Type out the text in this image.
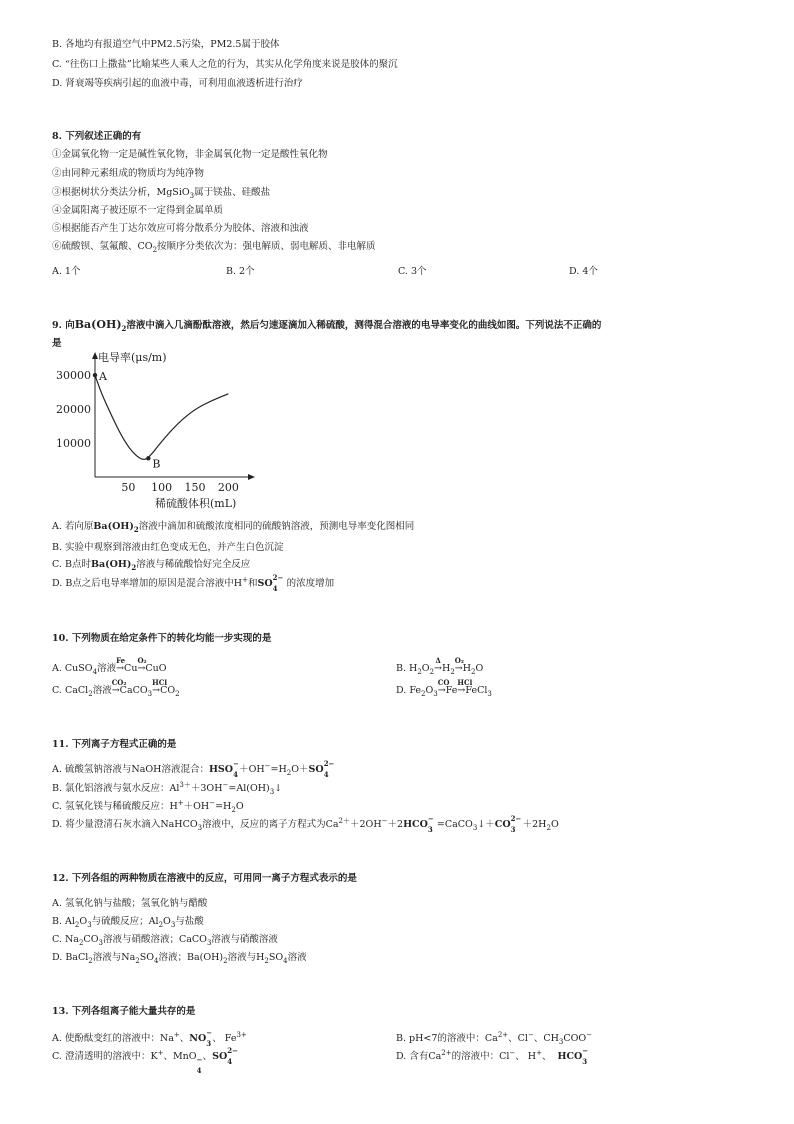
B. 各地均有报道空气中PM2.5污染，PM2.5属于胶体
C. “往伤口上撒盐”比喻某些人乘人之危的行为，其实从化学角度来说是胶体的聚沉
D. 肾衰竭等疾病引起的血液中毒，可利用血液透析进行治疗
8. 下列叙述正确的有
①金属氧化物一定是碱性氧化物，非金属氧化物一定是酸性氧化物
②由同种元素组成的物质均为纯净物
③根据树状分类法分析，MgSiO$_3$属于镁盐、硅酸盐
④金属阳离子被还原不一定得到金属单质
⑤根据能否产生丁达尔效应可将分散系分为胶体、溶液和浊液
⑥硫酸钡、氢氟酸、$CO_2$按顺序分类依次为：强电解质、弱电解质、非电解质
A. 1个	B. 2个	C. 3个	D. 4个
9. 向$Ba(OH)_2$溶液中滴入几滴酚酞溶液，然后匀速逐滴加入稀硫酸，测得混合溶液的电导率变化的曲线如图。下列说法不正确的
是
电导率(μs/m)
稀硫酸体积(mL)
50 100 150 200
10000
20000
30000 A
B
A. 若向原$Ba(OH)_2$溶液中滴加和硫酸浓度相同的硫酸钠溶液，预测电导率变化图相同
B. 实验中观察到溶液由红色变成无色，并产生白色沉淀
C. B点时$Ba(OH)_2$溶液与稀硫酸恰好完全反应
D. B点之后电导率增加的原因是混合溶液中H+和SO
2−
4 的浓度增加
10. 下列物质在给定条件下的转化均能一步实现的是
A. CuSO$_4$溶液
Fe
→Cu
O₂
→CuO	B. $H_2O_2$
Δ
$\to H_2$
O₂
$\to H_2O$
C. CaCl$_2$溶液
CO₂
→CaCO$_3$
HCl
$\to CO_2$	D. $Fe_2O_3$
CO
→Fe
HCl
→FeCl$_3$
11. 下列离子方程式正确的是
A. 硫酸氢钠溶液与NaOH溶液混合：HSO
−
$4 +OH^-=H_2O+SO$
2−
4
B. 氯化铝溶液与氨水反应：$Al^{3+}+3OH^-=Al(OH)_3↓$
C. 氢氧化镁与稀硫酸反应：$H^++OH^-=H_2O$
D. 将少量澄清石灰水滴入NaHCO$_3$溶液中，反应的离子方程式为$Ca^{2+}+2OH^-+2HCO$
−
3 =CaCO$_3$↓＋CO
2−
$3 +2H_2O$
12. 下列各组的两种物质在溶液中的反应，可用同一离子方程式表示的是
A. 氢氧化钠与盐酸；氢氧化钠与醋酸
B. $Al_2O_3$与硫酸反应；$Al_2O_3$与盐酸
C. $Na_2CO_3$溶液与硝酸溶液；CaCO$_3$溶液与硝酸溶液
D. BaCl$_2$溶液与$Na_2SO_4$溶液；$Ba(OH)_2$溶液与$H_2SO_4$溶液
13. 下列各组离子能大量共存的是
A. 使酚酞变红的溶液中：Na+、NO
−
3 、 $Fe^{3+}$	B. pH<7的溶液中：$Ca^{2+}$、Cl−、$CH_3COO^-$
C. 澄清透明的溶液中：K+、MnO −
4
、SO
2−
4	D. 含有$Ca^{2+}$的溶液中：Cl−、 H+、 HCO
−
3
